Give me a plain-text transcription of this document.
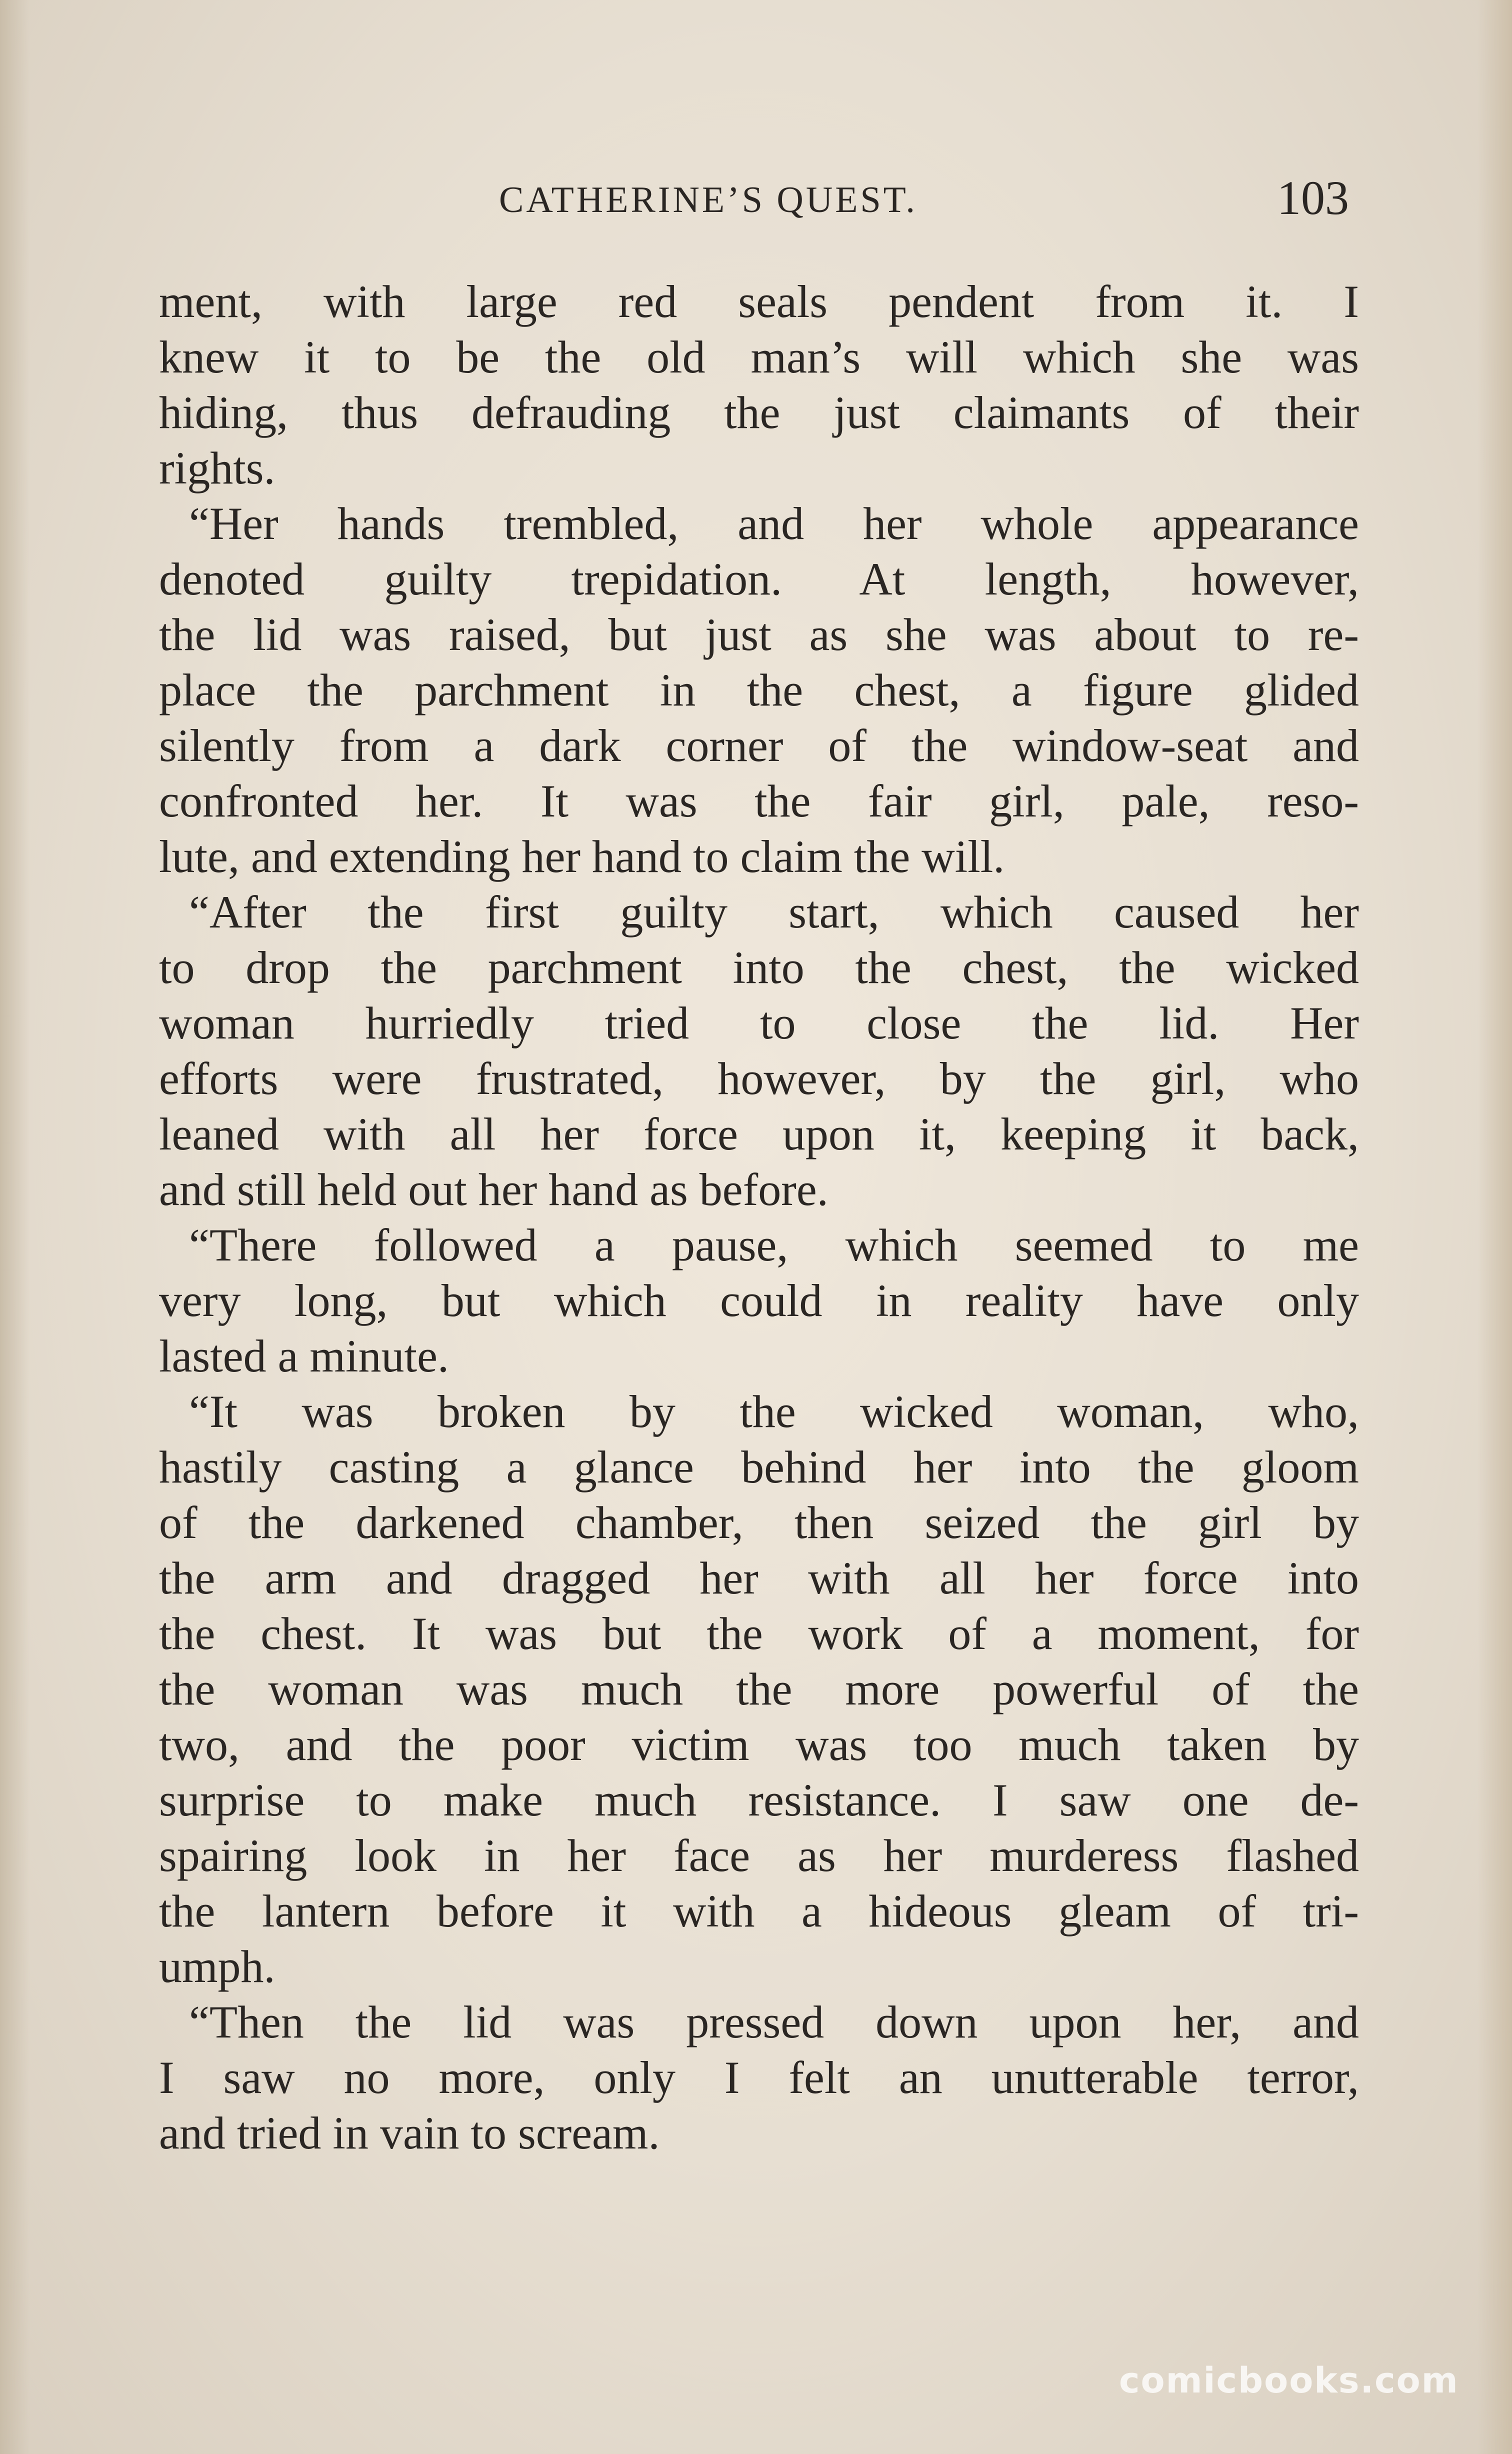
CATHERINE’S QUEST.	103
ment, with large red seals pendent from it. I
knew it to be the old man’s will which she was
hiding, thus defrauding the just claimants of their
rights.
“Her hands trembled, and her whole appearance
denoted guilty trepidation. At length, however,
the lid was raised, but just as she was about to re-
place the parchment in the chest, a figure glided
silently from a dark corner of the window-seat and
confronted her. It was the fair girl, pale, reso-
lute, and extending her hand to claim the will.
“After the first guilty start, which caused her
to drop the parchment into the chest, the wicked
woman hurriedly tried to close the lid. Her
efforts were frustrated, however, by the girl, who
leaned with all her force upon it, keeping it back,
and still held out her hand as before.
“There followed a pause, which seemed to me
very long, but which could in reality have only
lasted a minute.
“It was broken by the wicked woman, who,
hastily casting a glance behind her into the gloom
of the darkened chamber, then seized the girl by
the arm and dragged her with all her force into
the chest. It was but the work of a moment, for
the woman was much the more powerful of the
two, and the poor victim was too much taken by
surprise to make much resistance. I saw one de-
spairing look in her face as her murderess flashed
the lantern before it with a hideous gleam of tri-
umph.
“Then the lid was pressed down upon her, and
I saw no more, only I felt an unutterable terror,
and tried in vain to scream.
comicbooks.com
